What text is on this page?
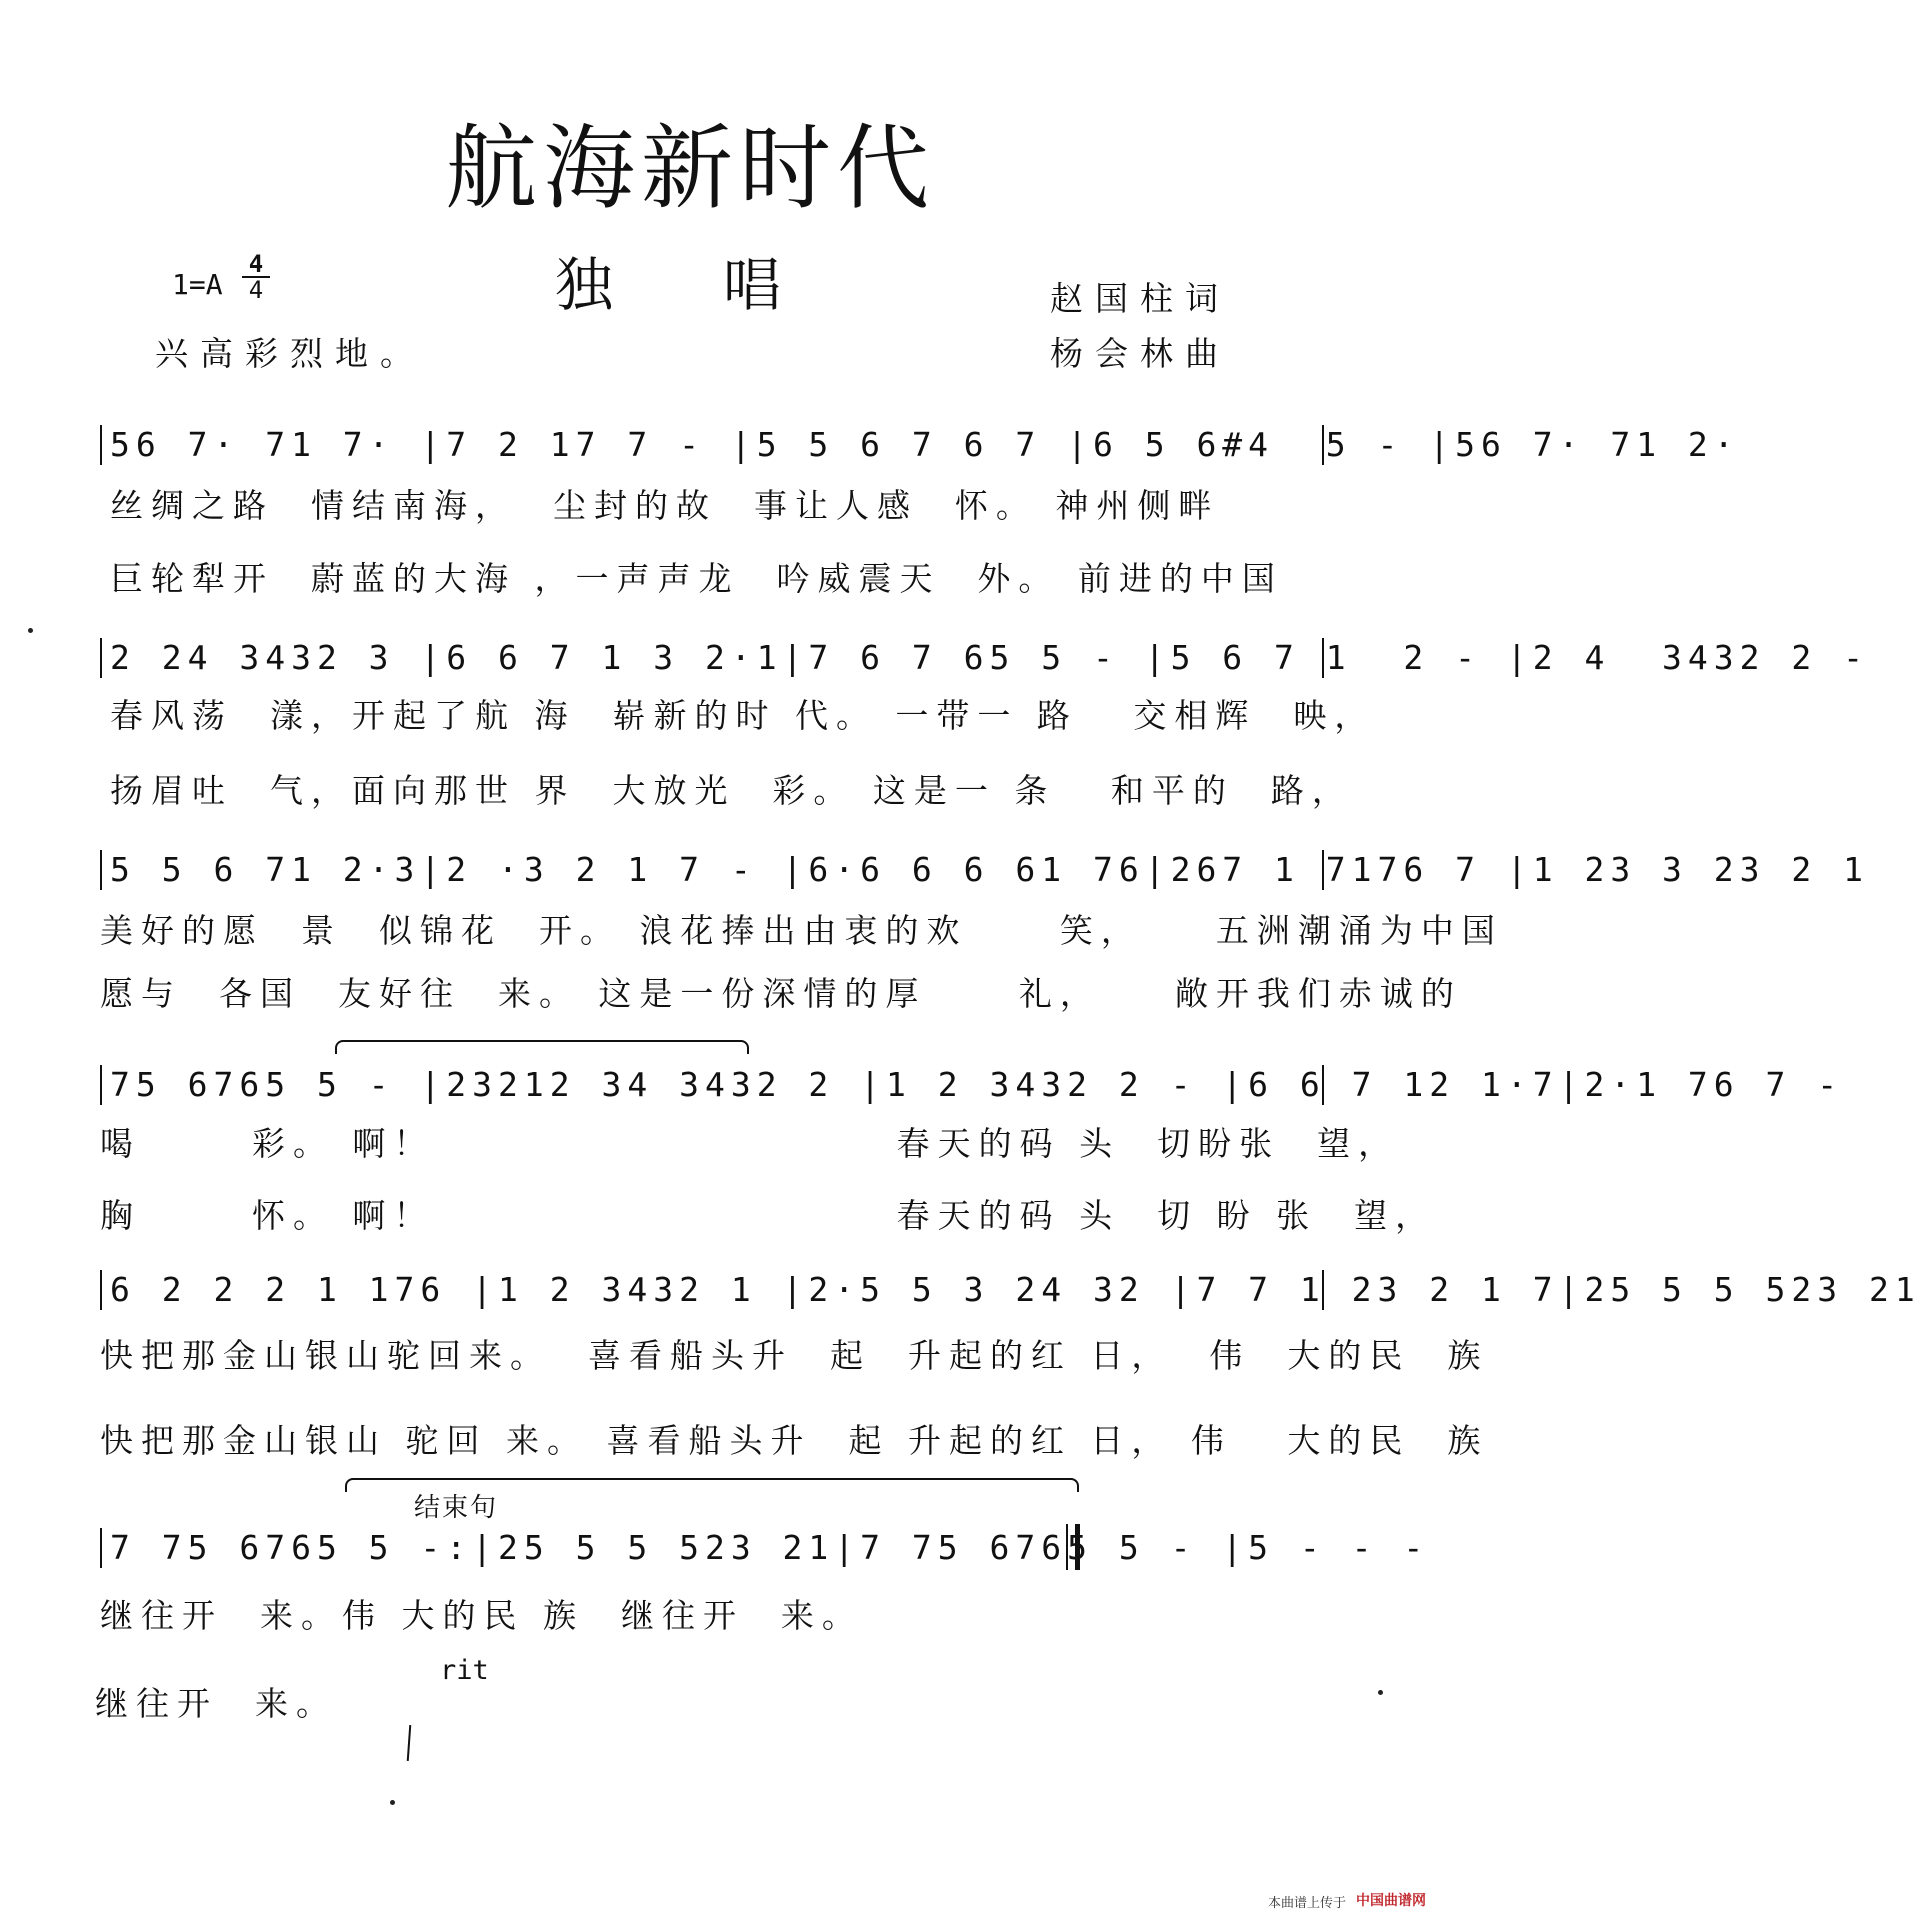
航海新时代
独唱
1=A
4
4
兴高彩烈地。
赵国柱词
杨会林曲
56 7· 71 7· |7 2 17 7 - |5 5 6 7 6 7 |6 5 6#4  5 - |56 7· 71 2·
丝绸之路  情结南海，  尘封的故  事让人感  怀。 神州侧畔
巨轮犁开  蔚蓝的大海 ，一声声龙  吟威震天  外。 前进的中国
2 24 3432 3 |6 6 7 1 3 2·1|7 6 7 65 5 - |5 6 7 1  2 - |2 4  3432 2 -
春风荡  漾，开起了航 海  崭新的时 代。 一带一 路   交相辉  映，
扬眉吐  气，面向那世 界  大放光  彩。 这是一 条   和平的  路，
5 5 6 71 2·3|2 ·3 2 1 7 - |6·6 6 6 61 76|267 1 7176 7 |1 23 3 23 2 1
美好的愿  景  似锦花  开。 浪花捧出由衷的欢     笑，    五洲潮涌为中国
愿与  各国  友好往  来。 这是一份深情的厚     礼，    敞开我们赤诚的
75 6765 5 - |23212 34 3432 2 |1 2 3432 2 - |6 6 7 12 1·7|2·1 76 7 -
喝      彩。 啊！                         春天的码 头  切盼张  望，
胸      怀。 啊！                         春天的码 头  切 盼 张  望，
6 2 2 2 1 176 |1 2 3432 1 |2·5 5 3 24 32 |7 7 1 23 2 1 7|25 5 5 523 21
快把那金山银山驼回来。  喜看船头升  起  升起的红 日，  伟  大的民  族
快把那金山银山 驼回 来。 喜看船头升  起 升起的红 日， 伟   大的民  族
结束句
7 75 6765 5 -:|25 5 5 523 21|7 75 6765 5 - |5 - - -
继往开  来。伟 大的民 族  继往开  来。
rit
继往开  来。
本曲谱上传于 中国曲谱网
